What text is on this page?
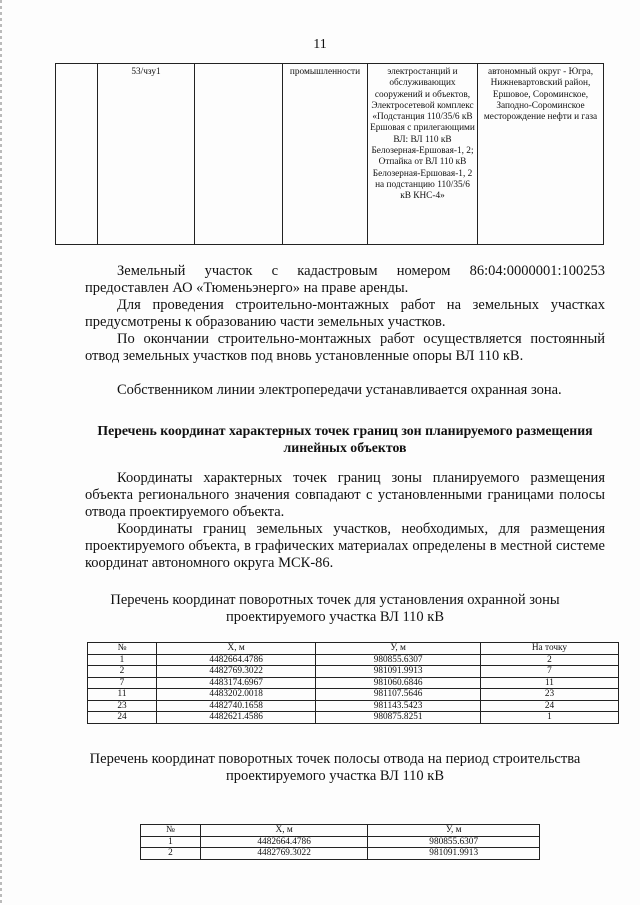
11
	53/чзу1		промышленности	электростанций и обслуживающих сооружений и объектов, Электросетевой комплекс «Подстанция 110/35/6 кВ Ершовая с прилегающими ВЛ: ВЛ 110 кВ Белозерная-Ершовая-1, 2; Отпайка от ВЛ 110 кВ Белозерная-Ершовая-1, 2 на подстанцию 110/35/6 кВ КНС-4»	автономный округ - Югра, Нижневартовский район, Ершовое, Сороминское, Заподно-Сороминское месторождение нефти и газа
Земельный участок с кадастровым номером 86:04:0000001:100253 предоставлен АО «Тюменьэнерго» на праве аренды.
Для проведения строительно-монтажных работ на земельных участках предусмотрены к образованию части земельных участков.
По окончании строительно-монтажных работ осуществляется постоянный отвод земельных участков под вновь установленные опоры ВЛ 110 кВ.
Собственником линии электропередачи устанавливается охранная зона.
Перечень координат характерных точек границ зон планируемого размещения линейных объектов
Координаты характерных точек границ зоны планируемого размещения объекта регионального значения совпадают с установленными границами полосы отвода проектируемого объекта.
Координаты границ земельных участков, необходимых, для размещения проектируемого объекта, в графических материалах определены в местной системе координат автономного округа МСК-86.
Перечень координат поворотных точек для установления охранной зоны проектируемого участка ВЛ 110 кВ
№	X, м	У, м	На точку
1	4482664.4786	980855.6307	2
2	4482769.3022	981091.9913	7
7	4483174.6967	981060.6846	11
11	4483202.0018	981107.5646	23
23	4482740.1658	981143.5423	24
24	4482621.4586	980875.8251	1
Перечень координат поворотных точек полосы отвода на период строительства проектируемого участка ВЛ 110 кВ
№	X, м	У, м
1	4482664.4786	980855.6307
2	4482769.3022	981091.9913
